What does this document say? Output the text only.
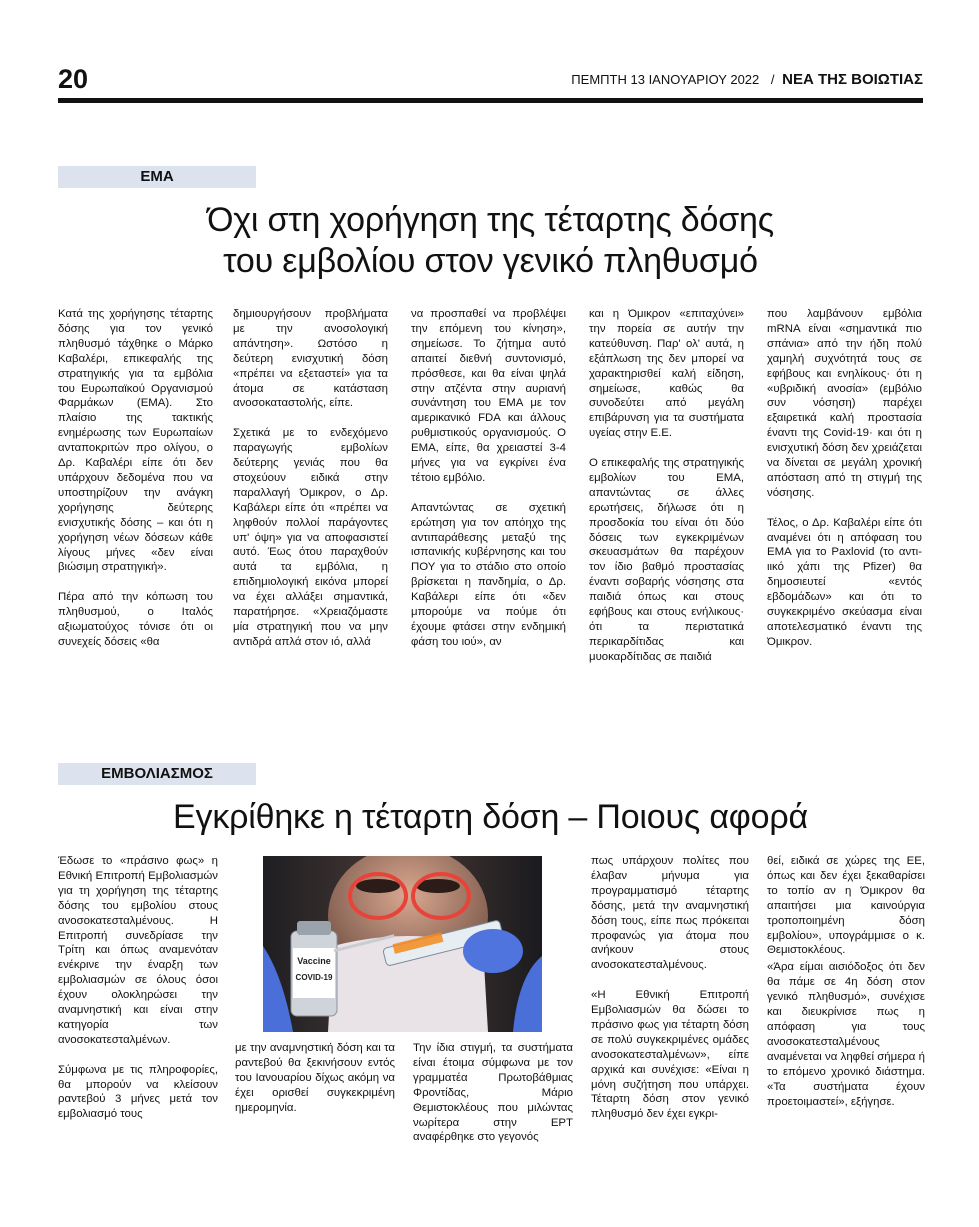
20	ΠΕΜΠΤΗ 13 ΙΑΝΟΥΑΡΙΟΥ 2022 / ΝΕΑ ΤΗΣ ΒΟΙΩΤΙΑΣ
ΕΜΑ
Όχι στη χορήγηση της τέταρτης δόσης
του εμβολίου στον γενικό πληθυσμό

Κατά της χορήγησης τέταρτης δόσης για τον γενικό πληθυσμό τάχθηκε ο Μάρκο Καβαλέρι, επικεφαλής της στρατηγικής για τα εμβόλια του Ευρωπαϊκού Οργανισμού Φαρμάκων (ΕΜΑ). Στο πλαίσιο της τακτικής ενημέρωσης των Ευρωπαίων ανταποκριτών προ ολίγου, ο Δρ. Καβαλέρι είπε ότι δεν υπάρχουν δεδομένα που να υποστηρίζουν την ανάγκη χορήγησης δεύτερης ενισχυτικής δόσης – και ότι η χορήγηση νέων δόσεων κάθε λίγους μήνες «δεν είναι βιώσιμη στρατηγική».

Πέρα από την κόπωση του πληθυσμού, ο Ιταλός αξιωματούχος τόνισε ότι οι συνεχείς δόσεις «θα

δημιουργήσουν προβλήματα με την ανοσολογική απάντηση». Ωστόσο η δεύτερη ενισχυτική δόση «πρέπει να εξεταστεί» για τα άτομα σε κατάσταση ανοσοκαταστολής, είπε.

Σχετικά με το ενδεχόμενο παραγωγής εμβολίων δεύτερης γενιάς που θα στοχεύουν ειδικά στην παραλλαγή Όμικρον, ο Δρ. Καβάλερι είπε ότι «πρέπει να ληφθούν πολλοί παράγοντες υπ' όψη» για να αποφασιστεί αυτό. Έως ότου παραχθούν αυτά τα εμβόλια, η επιδημιολογική εικόνα μπορεί να έχει αλλάξει σημαντικά, παρατήρησε. «Χρειαζόμαστε μία στρατηγική που να μην αντιδρά απλά στον ιό, αλλά

να προσπαθεί να προβλέψει την επόμενη του κίνηση», σημείωσε. Το ζήτημα αυτό απαιτεί διεθνή συντονισμό, πρόσθεσε, και θα είναι ψηλά στην ατζέντα στην αυριανή συνάντηση του ΕΜΑ με τον αμερικανικό FDA και άλλους ρυθμιστικούς οργανισμούς. Ο ΕΜΑ, είπε, θα χρειαστεί 3-4 μήνες για να εγκρίνει ένα τέτοιο εμβόλιο.

Απαντώντας σε σχετική ερώτηση για τον απόηχο της αντιπαράθεσης μεταξύ της ισπανικής κυβέρνησης και του ΠΟΥ για το στάδιο στο οποίο βρίσκεται η πανδημία, ο Δρ. Καβάλερι είπε ότι «δεν μπορούμε να πούμε ότι έχουμε φτάσει στην ενδημική φάση του ιού», αν

και η Όμικρον «επιταχύνει» την πορεία σε αυτήν την κατεύθυνση. Παρ' ολ' αυτά, η εξάπλωση της δεν μπορεί να χαρακτηρισθεί καλή είδηση, σημείωσε, καθώς θα συνοδεύτει από μεγάλη επιβάρυνση για τα συστήματα υγείας στην Ε.Ε.

Ο επικεφαλής της στρατηγικής εμβολίων του ΕΜΑ, απαντώντας σε άλλες ερωτήσεις, δήλωσε ότι η προσδοκία του είναι ότι δύο δόσεις των εγκεκριμένων σκευασμάτων θα παρέχουν τον ίδιο βαθμό προστασίας έναντι σοβαρής νόσησης στα παιδιά όπως και στους εφήβους και στους ενήλικους· ότι τα περιστατικά περικαρδίτιδας και μυοκαρδίτιδας σε παιδιά

που λαμβάνουν εμβόλια mRNA είναι «σημαντικά πιο σπάνια» από την ήδη πολύ χαμηλή συχνότητά τους σε εφήβους και ενηλίκους· ότι η «υβριδική ανοσία» (εμβόλιο συν νόσηση) παρέχει εξαιρετικά καλή προστασία έναντι της Covid-19· και ότι η ενισχυτική δόση δεν χρειάζεται να δίνεται σε μεγάλη χρονική απόσταση από τη στιγμή της νόσησης.

Τέλος, ο Δρ. Καβαλέρι είπε ότι αναμένει ότι η απόφαση του ΕΜΑ για το Paxlovid (το αντι-ιικό χάπι της Pfizer) θα δημοσιευτεί «εντός εβδομάδων» και ότι το συγκεκριμένο σκεύασμα είναι αποτελεσματικό έναντι της Όμικρον.

ΕΜΒΟΛΙΑΣΜΟΣ
Εγκρίθηκε η τέταρτη δόση – Ποιους αφορά

Έδωσε το «πράσινο φως» η Εθνική Επιτροπή Εμβολιασμών για τη χορήγηση της τέταρτης δόσης του εμβολίου στους ανοσοκατεσταλμένους. Η Επιτροπή συνεδρίασε την Τρίτη και όπως αναμενόταν ενέκρινε την έναρξη των εμβολιασμών σε όλους όσοι έχουν ολοκληρώσει την αναμνηστική και είναι στην κατηγορία των ανοσοκατεσταλμένων.

Σύμφωνα με τις πληροφορίες, θα μπορούν να κλείσουν ραντεβού 3 μήνες μετά τον εμβολιασμό τους

Vaccine
COVID-19

με την αναμνηστική δόση και τα ραντεβού θα ξεκινήσουν εντός του Ιανουαρίου δίχως ακόμη να έχει ορισθεί συγκεκριμένη ημερομηνία.

Την ίδια στιγμή, τα συστήματα είναι έτοιμα σύμφωνα με τον γραμματέα Πρωτοβάθμιας Φροντίδας, Μάριο Θεμιστοκλέους που μιλώντας νωρίτερα στην ΕΡΤ αναφέρθηκε στο γεγονός

πως υπάρχουν πολίτες που έλαβαν μήνυμα για προγραμματισμό τέταρτης δόσης, μετά την αναμνηστική δόση τους, είπε πως πρόκειται προφανώς για άτομα που ανήκουν στους ανοσοκατεσταλμένους.

«Η Εθνική Επιτροπή Εμβολιασμών θα δώσει το πράσινο φως για τέταρτη δόση σε πολύ συγκεκριμένες ομάδες ανοσοκατεσταλμένων», είπε αρχικά και συνέχισε: «Είναι η μόνη συζήτηση που υπάρχει. Τέταρτη δόση στον γενικό πληθυσμό δεν έχει εγκρι-

θεί, ειδικά σε χώρες της ΕΕ, όπως και δεν έχει ξεκαθαρίσει το τοπίο αν η Όμικρον θα απαιτήσει μια καινούργια τροποποιημένη δόση εμβολίου», υπογράμμισε ο κ. Θεμιστοκλέους.

«Άρα είμαι αισιόδοξος ότι δεν θα πάμε σε 4η δόση στον γενικό πληθυσμό», συνέχισε και διευκρίνισε πως η απόφαση για τους ανοσοκατεσταλμένους αναμένεται να ληφθεί σήμερα ή το επόμενο χρονικό διάστημα. «Τα συστήματα έχουν προετοιμαστεί», εξήγησε.
